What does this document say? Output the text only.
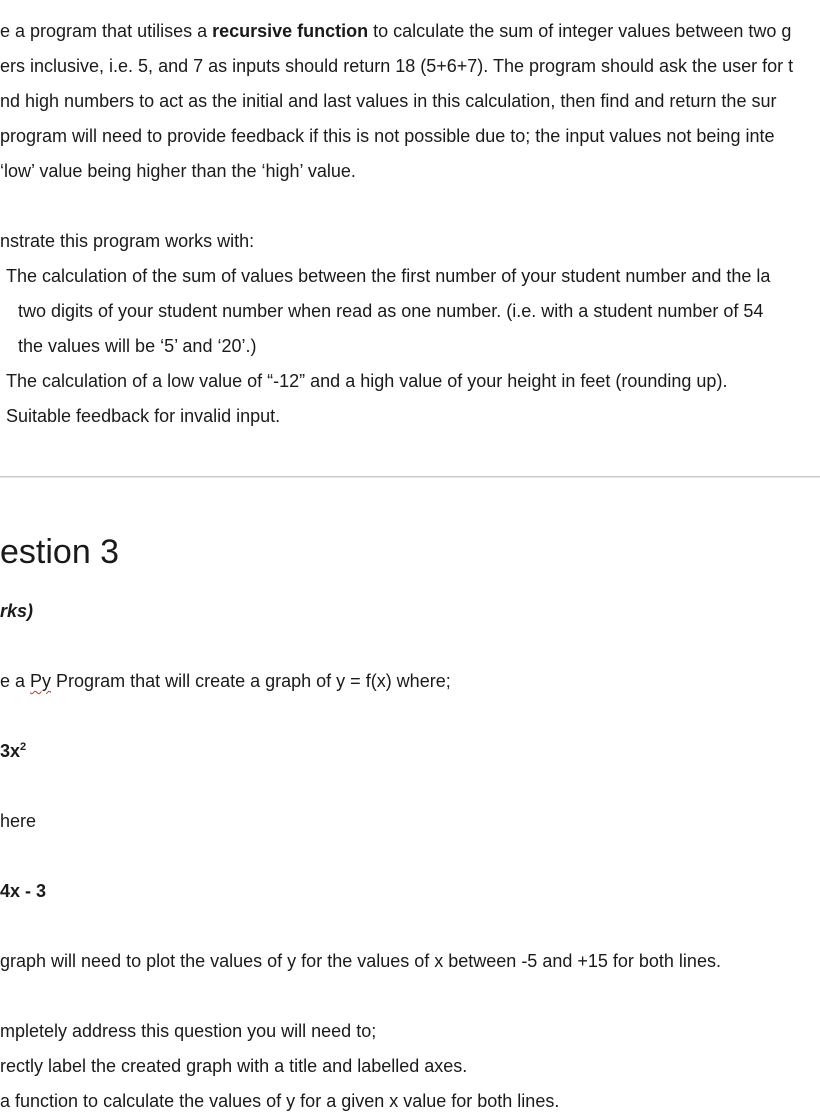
e a program that utilises a recursive function to calculate the sum of integer values between two g
ers inclusive, i.e. 5, and 7 as inputs should return 18 (5+6+7). The program should ask the user for t
nd high numbers to act as the initial and last values in this calculation, then find and return the sur
program will need to provide feedback if this is not possible due to; the input values not being inte
‘low’ value being higher than the ‘high’ value.
nstrate this program works with:
The calculation of the sum of values between the first number of your student number and the la
two digits of your student number when read as one number. (i.e. with a student number of 54
the values will be ‘5’ and ‘20’.)
The calculation of a low value of “-12” and a high value of your height in feet (rounding up).
Suitable feedback for invalid input.
estion 3
rks)
e a Py Program that will create a graph of y = f(x) where;
$3x^2$
here
4x - 3
graph will need to plot the values of y for the values of x between -5 and +15 for both lines.
mpletely address this question you will need to;
rectly label the created graph with a title and labelled axes.
a function to calculate the values of y for a given x value for both lines.
